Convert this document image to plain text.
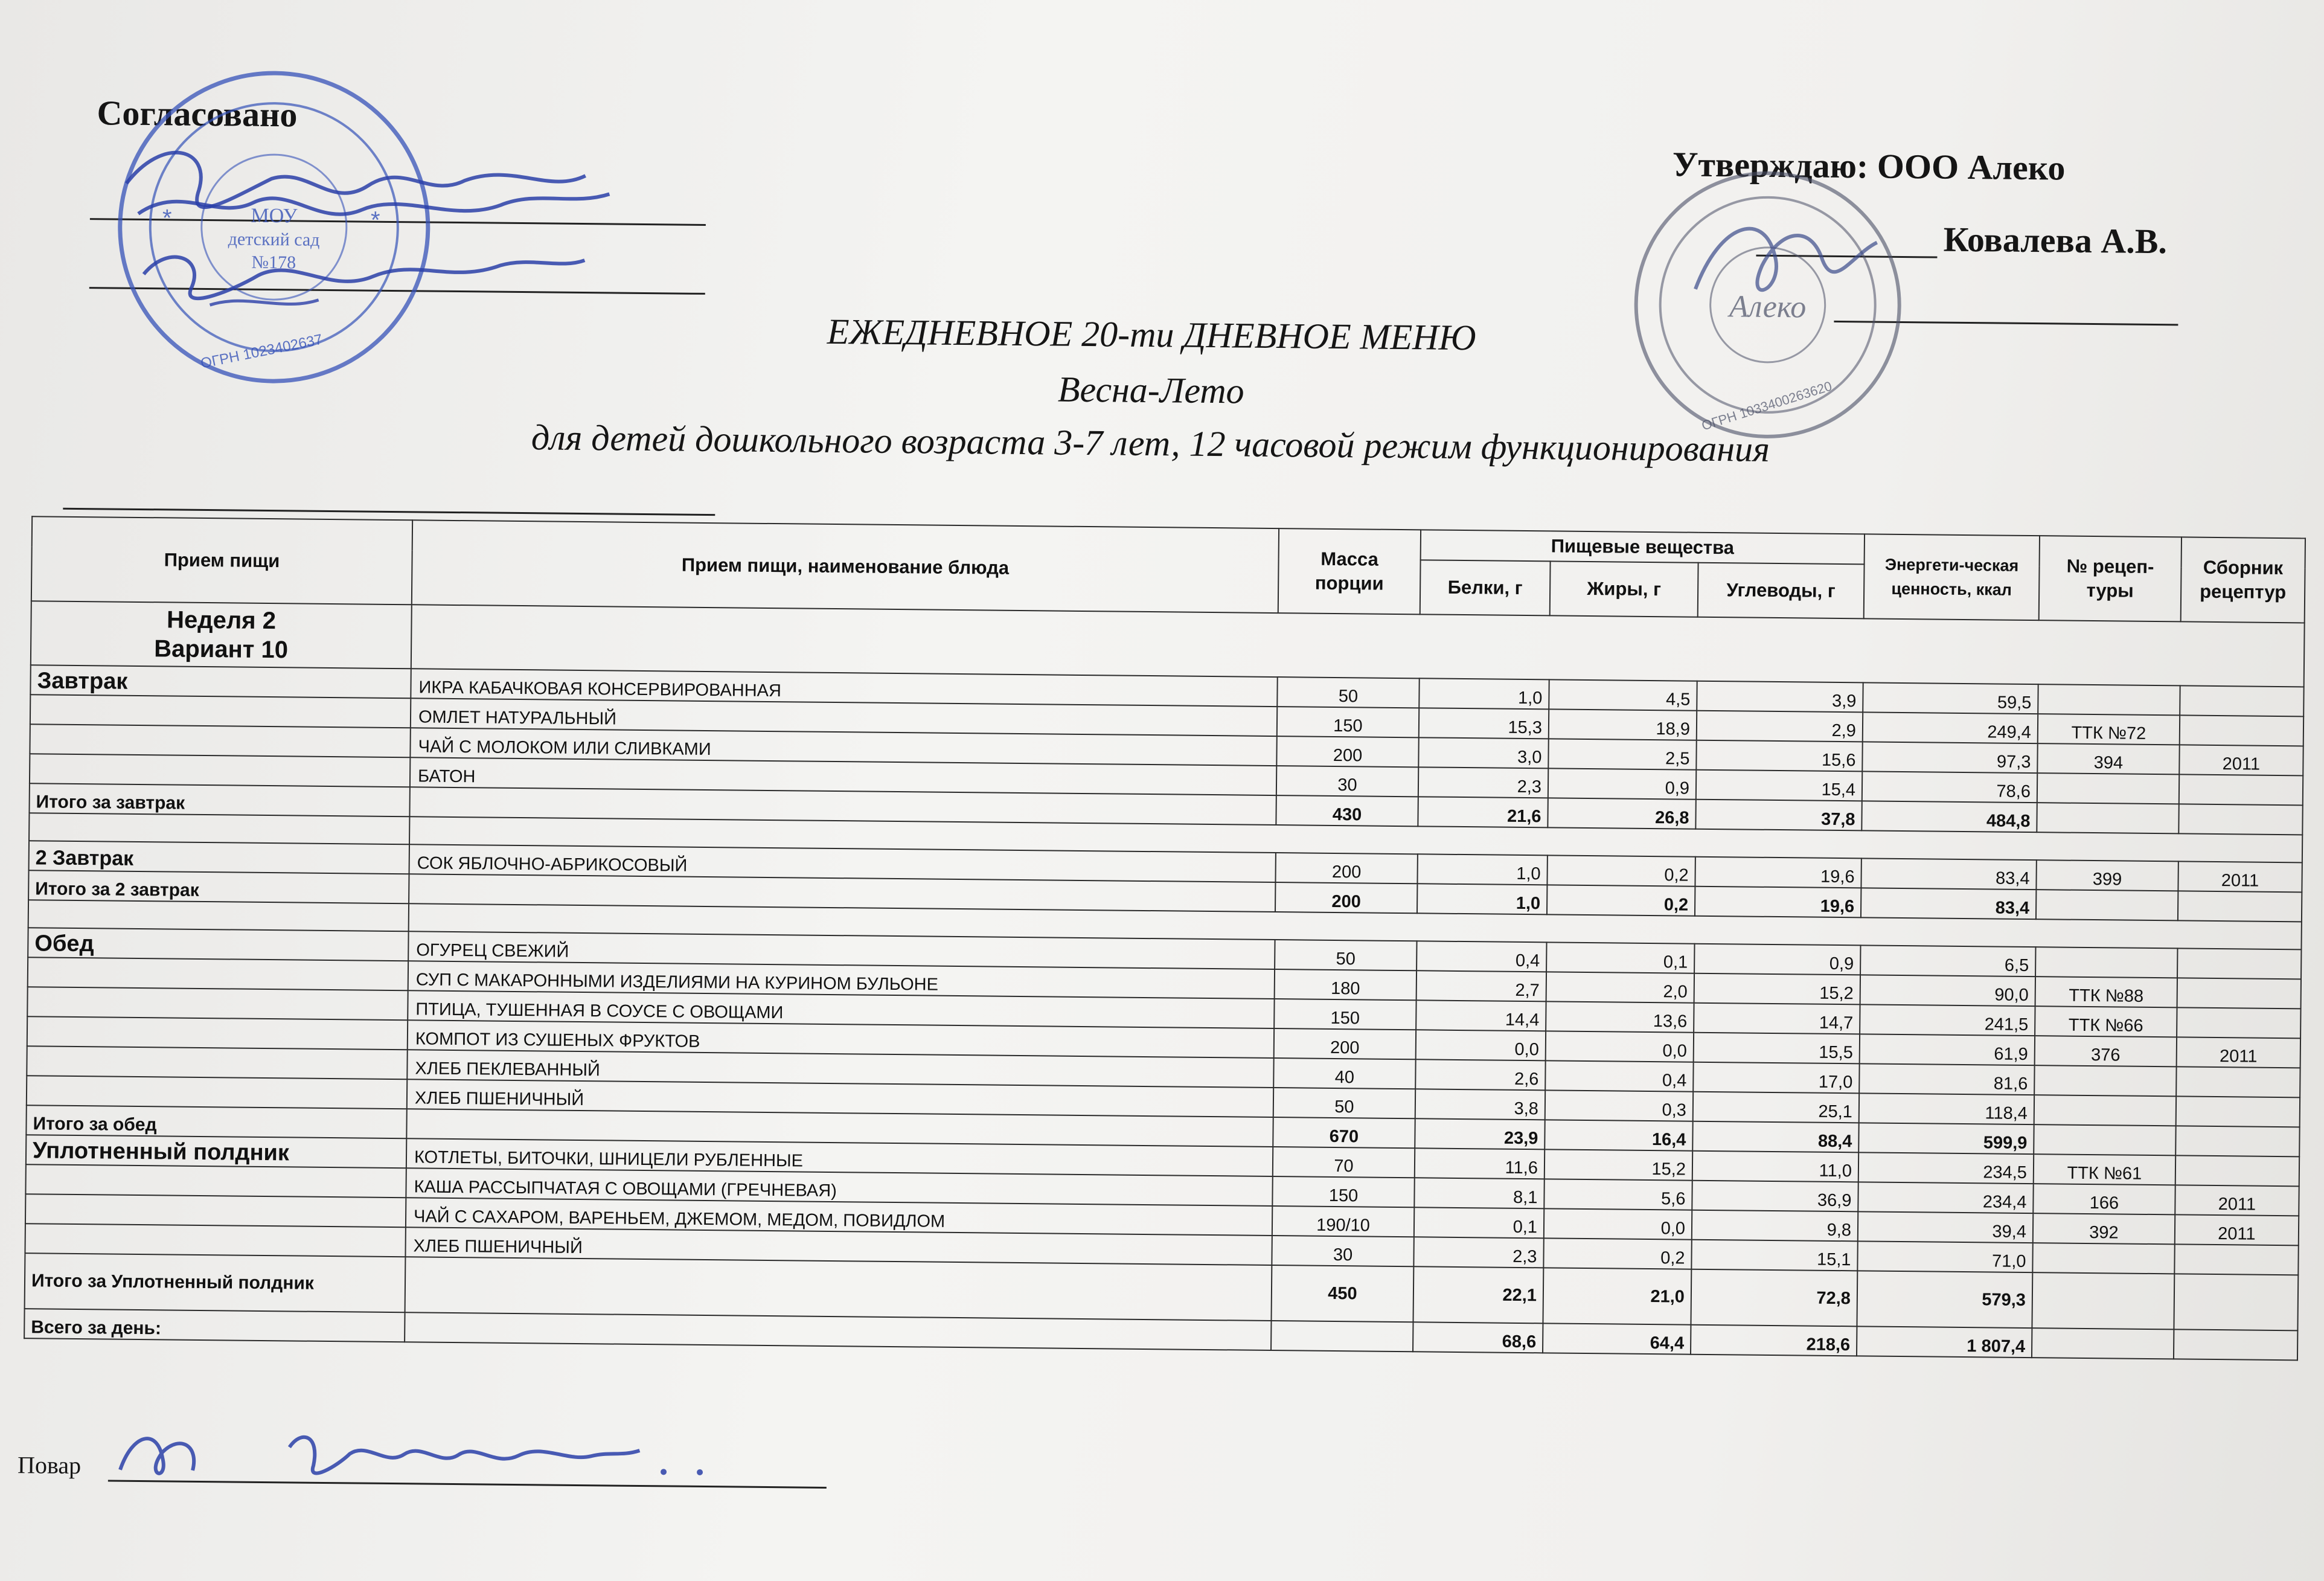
Согласовано
МОУ
детский сад
№178
*	*
ОГРН 1023402637
Утверждаю: ООО Алеко
Ковалева А.В.
Алеко
ОГРН 1033400263620
ЕЖЕДНЕВНОЕ 20-ти ДНЕВНОЕ МЕНЮ
Весна-Лето
для детей дошкольного возраста 3-7 лет, 12 часовой режим функционирования
Прием пищи	Прием пищи, наименование блюда	Масса порции	Пищевые вещества			Энергети-ческая ценность, ккал	№ рецеп-туры	Сборник рецептур
			Белки, г	Жиры, г	Углеводы, г			

Неделя 2
Вариант 10								

Завтрак	ИКРА КАБАЧКОВАЯ КОНСЕРВИРОВАННАЯ	50	1,0	4,5	3,9	59,5		
	ОМЛЕТ НАТУРАЛЬНЫЙ	150	15,3	18,9	2,9	249,4	ТТК №72	
	ЧАЙ С МОЛОКОМ ИЛИ СЛИВКАМИ	200	3,0	2,5	15,6	97,3	394	2011
	БАТОН	30	2,3	0,9	15,4	78,6		
Итого за завтрак		430	21,6	26,8	37,8	484,8		

2 Завтрак	СОК ЯБЛОЧНО-АБРИКОСОВЫЙ	200	1,0	0,2	19,6	83,4	399	2011
Итого за 2 завтрак		200	1,0	0,2	19,6	83,4		

Обед	ОГУРЕЦ СВЕЖИЙ	50	0,4	0,1	0,9	6,5		
	СУП С МАКАРОННЫМИ ИЗДЕЛИЯМИ НА КУРИНОМ БУЛЬОНЕ	180	2,7	2,0	15,2	90,0	ТТК №88	
	ПТИЦА, ТУШЕННАЯ В СОУСЕ С ОВОЩАМИ	150	14,4	13,6	14,7	241,5	ТТК №66	
	КОМПОТ ИЗ СУШЕНЫХ ФРУКТОВ	200	0,0	0,0	15,5	61,9	376	2011
	ХЛЕБ ПЕКЛЕВАННЫЙ	40	2,6	0,4	17,0	81,6		
	ХЛЕБ ПШЕНИЧНЫЙ	50	3,8	0,3	25,1	118,4		
Итого за обед		670	23,9	16,4	88,4	599,9		
Уплотненный полдник	КОТЛЕТЫ, БИТОЧКИ, ШНИЦЕЛИ РУБЛЕННЫЕ	70	11,6	15,2	11,0	234,5	ТТК №61	
	КАША РАССЫПЧАТАЯ С ОВОЩАМИ (ГРЕЧНЕВАЯ)	150	8,1	5,6	36,9	234,4	166	2011
	ЧАЙ С САХАРОМ, ВАРЕНЬЕМ, ДЖЕМОМ, МЕДОМ, ПОВИДЛОМ	190/10	0,1	0,0	9,8	39,4	392	2011
	ХЛЕБ ПШЕНИЧНЫЙ	30	2,3	0,2	15,1	71,0		
Итого за Уплотненный полдник		450	22,1	21,0	72,8	579,3		
Всего за день:			68,6	64,4	218,6	1 807,4		
Повар
